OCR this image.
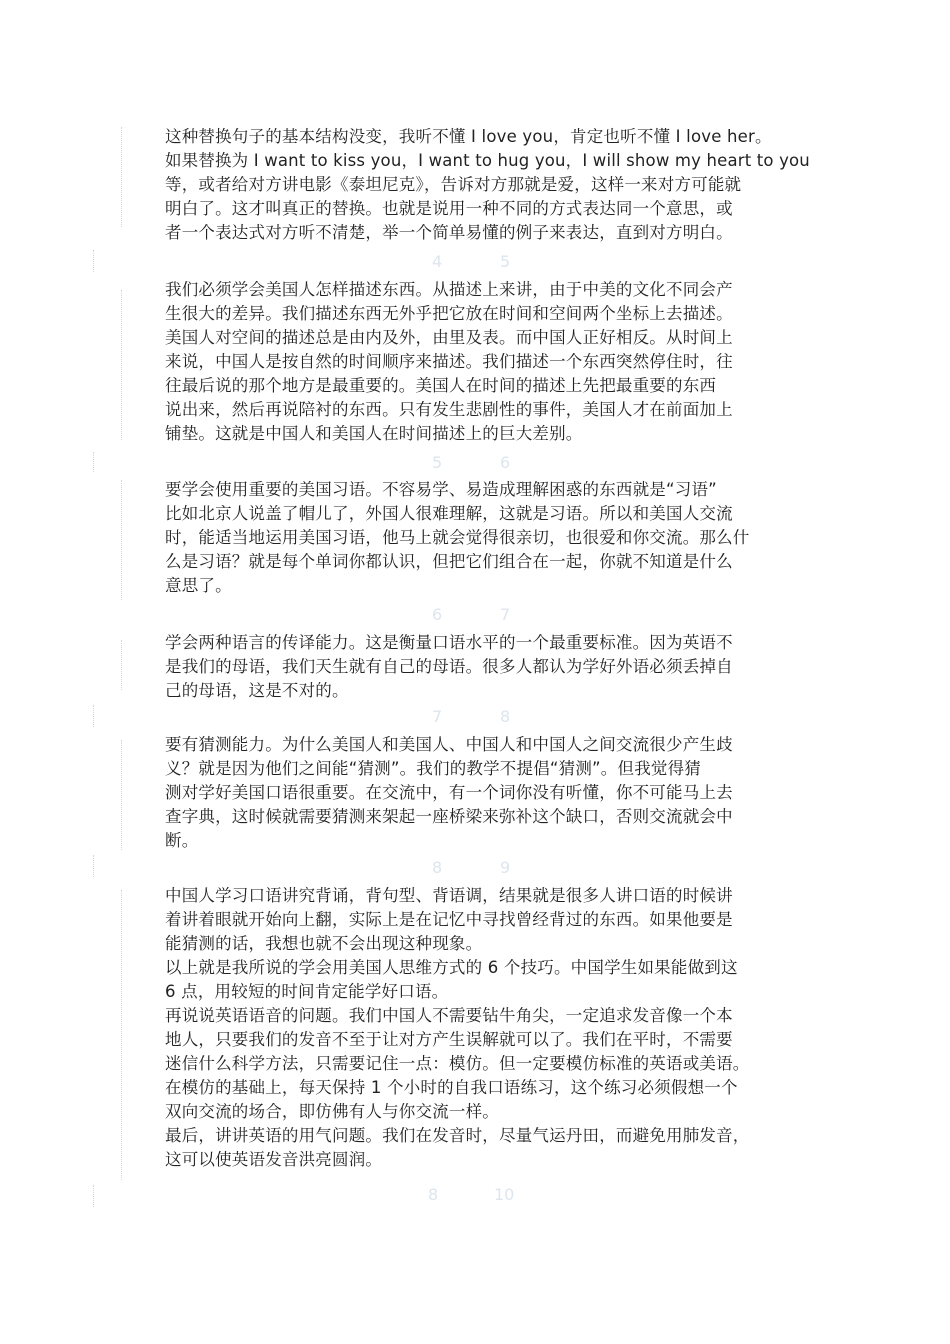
这种替换句子的基本结构没变，我听不懂 I love you，肯定也听不懂 I love her。
如果替换为 I want to kiss you，I want to hug you，I will show my heart to you
等，或者给对方讲电影《泰坦尼克》，告诉对方那就是爱，这样一来对方可能就
明白了。这才叫真正的替换。也就是说用一种不同的方式表达同一个意思，或
者一个表达式对方听不清楚，举一个简单易懂的例子来表达，直到对方明白。
4	5
我们必须学会美国人怎样描述东西。从描述上来讲，由于中美的文化不同会产
生很大的差异。我们描述东西无外乎把它放在时间和空间两个坐标上去描述。
美国人对空间的描述总是由内及外，由里及表。而中国人正好相反。从时间上
来说，中国人是按自然的时间顺序来描述。我们描述一个东西突然停住时，往
往最后说的那个地方是最重要的。美国人在时间的描述上先把最重要的东西
说出来，然后再说陪衬的东西。只有发生悲剧性的事件，美国人才在前面加上
铺垫。这就是中国人和美国人在时间描述上的巨大差别。
5	6
要学会使用重要的美国习语。不容易学、易造成理解困惑的东西就是“习语”
比如北京人说盖了帽儿了，外国人很难理解，这就是习语。所以和美国人交流
时，能适当地运用美国习语，他马上就会觉得很亲切，也很爱和你交流。那么什
么是习语？就是每个单词你都认识，但把它们组合在一起，你就不知道是什么
意思了。
6	7
学会两种语言的传译能力。这是衡量口语水平的一个最重要标准。因为英语不
是我们的母语，我们天生就有自己的母语。很多人都认为学好外语必须丢掉自
己的母语，这是不对的。
7	8
要有猜测能力。为什么美国人和美国人、中国人和中国人之间交流很少产生歧
义？就是因为他们之间能“猜测”。我们的教学不提倡“猜测”。但我觉得猜
测对学好美国口语很重要。在交流中，有一个词你没有听懂，你不可能马上去
查字典，这时候就需要猜测来架起一座桥梁来弥补这个缺口，否则交流就会中
断。
8	9
中国人学习口语讲究背诵，背句型、背语调，结果就是很多人讲口语的时候讲
着讲着眼就开始向上翻，实际上是在记忆中寻找曾经背过的东西。如果他要是
能猜测的话，我想也就不会出现这种现象。
以上就是我所说的学会用美国人思维方式的 6 个技巧。中国学生如果能做到这
6 点，用较短的时间肯定能学好口语。
再说说英语语音的问题。我们中国人不需要钻牛角尖，一定追求发音像一个本
地人，只要我们的发音不至于让对方产生误解就可以了。我们在平时，不需要
迷信什么科学方法，只需要记住一点：模仿。但一定要模仿标准的英语或美语。
在模仿的基础上，每天保持 1 个小时的自我口语练习，这个练习必须假想一个
双向交流的场合，即仿佛有人与你交流一样。
最后，讲讲英语的用气问题。我们在发音时，尽量气运丹田，而避免用肺发音，
这可以使英语发音洪亮圆润。
8	10
